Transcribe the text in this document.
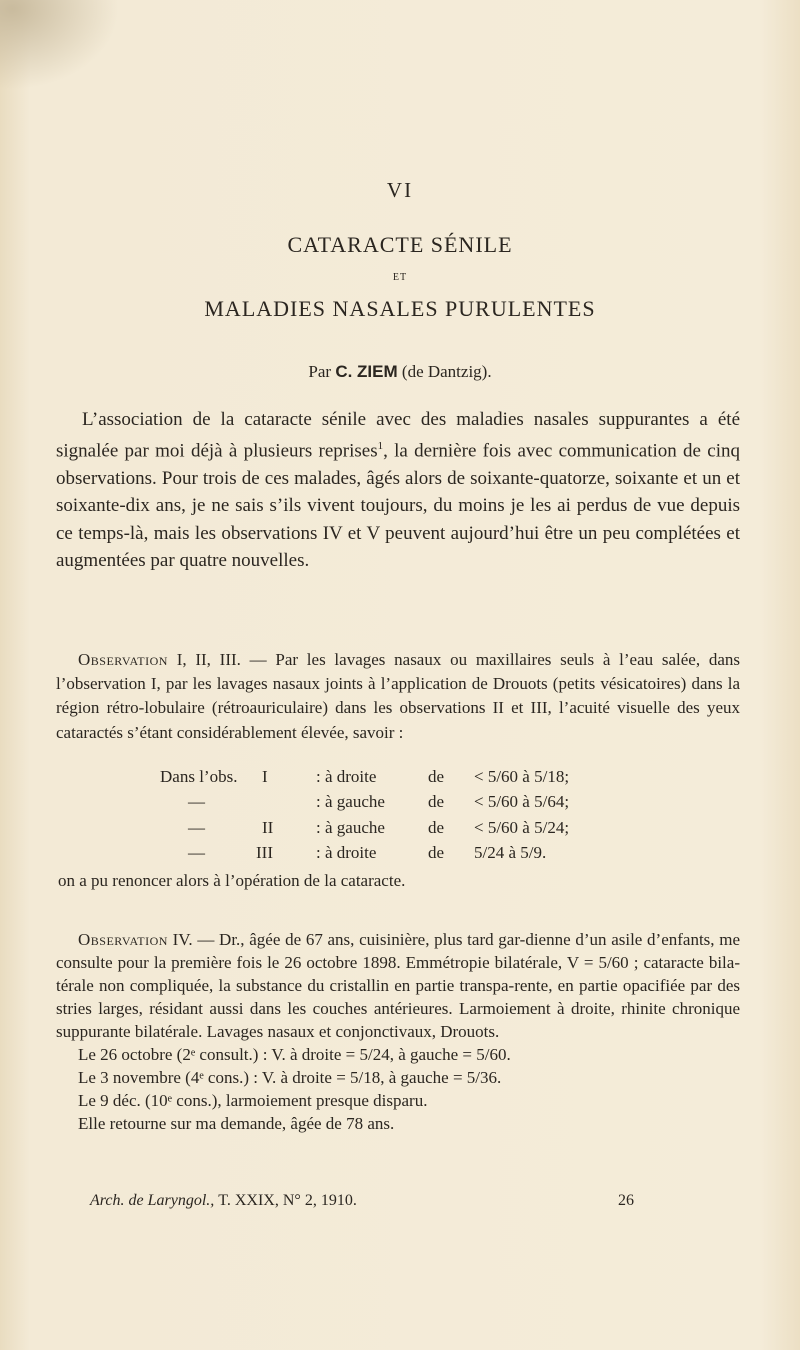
VI
CATARACTE SÉNILE
ET
MALADIES NASALES PURULENTES
Par C. ZIEM (de Dantzig).
L’association de la cataracte sénile avec des maladies nasales suppurantes a été signalée par moi déjà à plusieurs reprises$^1$, la dernière fois avec communication de cinq observations. Pour trois de ces malades, âgés alors de soixante-quatorze, soixante et un et soixante-dix ans, je ne sais s’ils vivent toujours, du moins je les ai perdus de vue depuis ce temps-là, mais les observations IV et V peuvent aujourd’hui être un peu complétées et augmentées par quatre nouvelles.
Observation I, II, III. — Par les lavages nasaux ou maxillaires seuls à l’eau salée, dans l’observation I, par les lavages nasaux joints à l’application de Drouots (petits vésicatoires) dans la région rétro-lobulaire (rétroauriculaire) dans les observations II et III, l’acuité visuelle des yeux cataractés s’étant considérablement élevée, savoir :
Dans l’obs. I	: à droite	de < 5/60 à 5/18;
—	: à gauche	de < 5/60 à 5/64;
—	II	: à gauche	de < 5/60 à 5/24;
—	III	: à droite	de 5/24 à 5/9.
on a pu renoncer alors à l’opération de la cataracte.
Observation IV. — Dr., âgée de 67 ans, cuisinière, plus tard gar-dienne d’un asile d’enfants, me consulte pour la première fois le 26 octobre 1898. Emmétropie bilatérale, V = 5/60 ; cataracte bila-térale non compliquée, la substance du cristallin en partie transpa-rente, en partie opacifiée par des stries larges, résidant aussi dans les couches antérieures. Larmoiement à droite, rhinite chronique suppurante bilatérale. Lavages nasaux et conjonctivaux, Drouots.
Le 26 octobre (2ᵉ consult.) : V. à droite = 5/24, à gauche = 5/60.
Le 3 novembre (4ᵉ cons.) : V. à droite = 5/18, à gauche = 5/36.
Le 9 déc. (10ᵉ cons.), larmoiement presque disparu.
Elle retourne sur ma demande, âgée de 78 ans.
Arch. de Laryngol., T. XXIX, N° 2, 1910.	26
